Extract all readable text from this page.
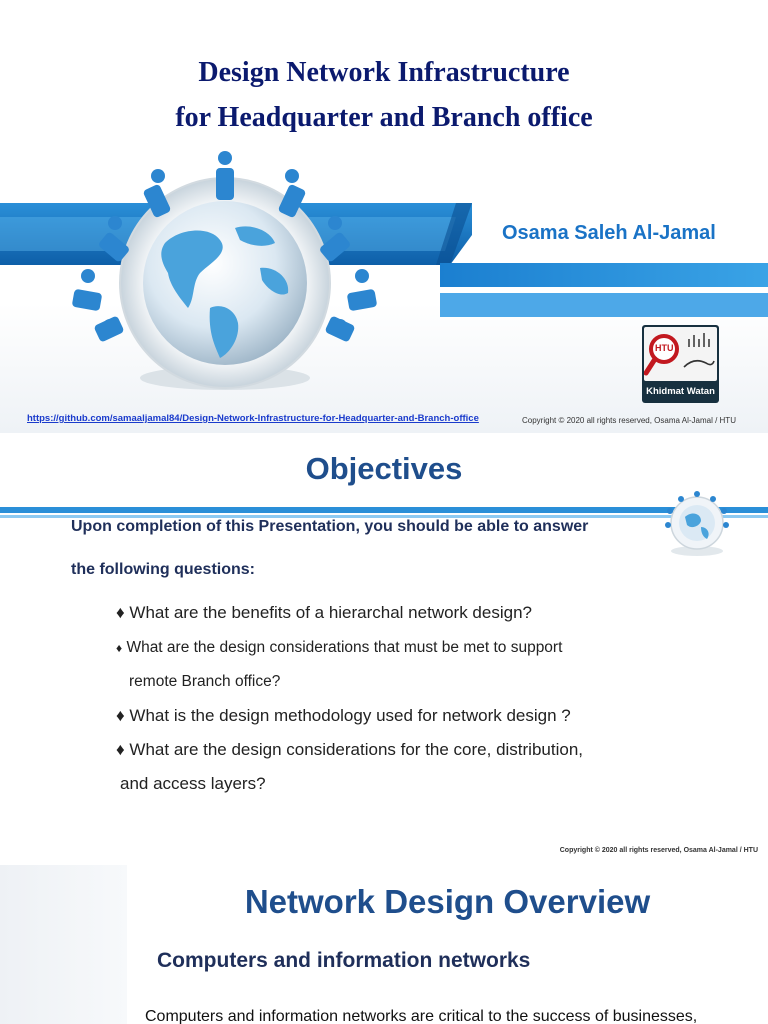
Design Network Infrastructure
for Headquarter and Branch office
Osama Saleh Al-Jamal
HTU
Khidmat Watan
https://github.com/samaaljamal84/Design-Network-Infrastructure-for-Headquarter-and-Branch-office	Copyright © 2020 all rights reserved, Osama Al-Jamal / HTU
Objectives
Upon completion of this Presentation, you should be able to answer
the following questions:
♦ What are the benefits of a hierarchal network design?
♦ What are the design considerations that must be met to support
remote Branch office?
♦ What is the design methodology used for network design ?
♦ What are the design considerations for the core, distribution,
and access layers?
Copyright © 2020 all rights reserved, Osama Al-Jamal / HTU
Network Design Overview
Computers and information networks
Computers and information networks are critical to the success of businesses,
